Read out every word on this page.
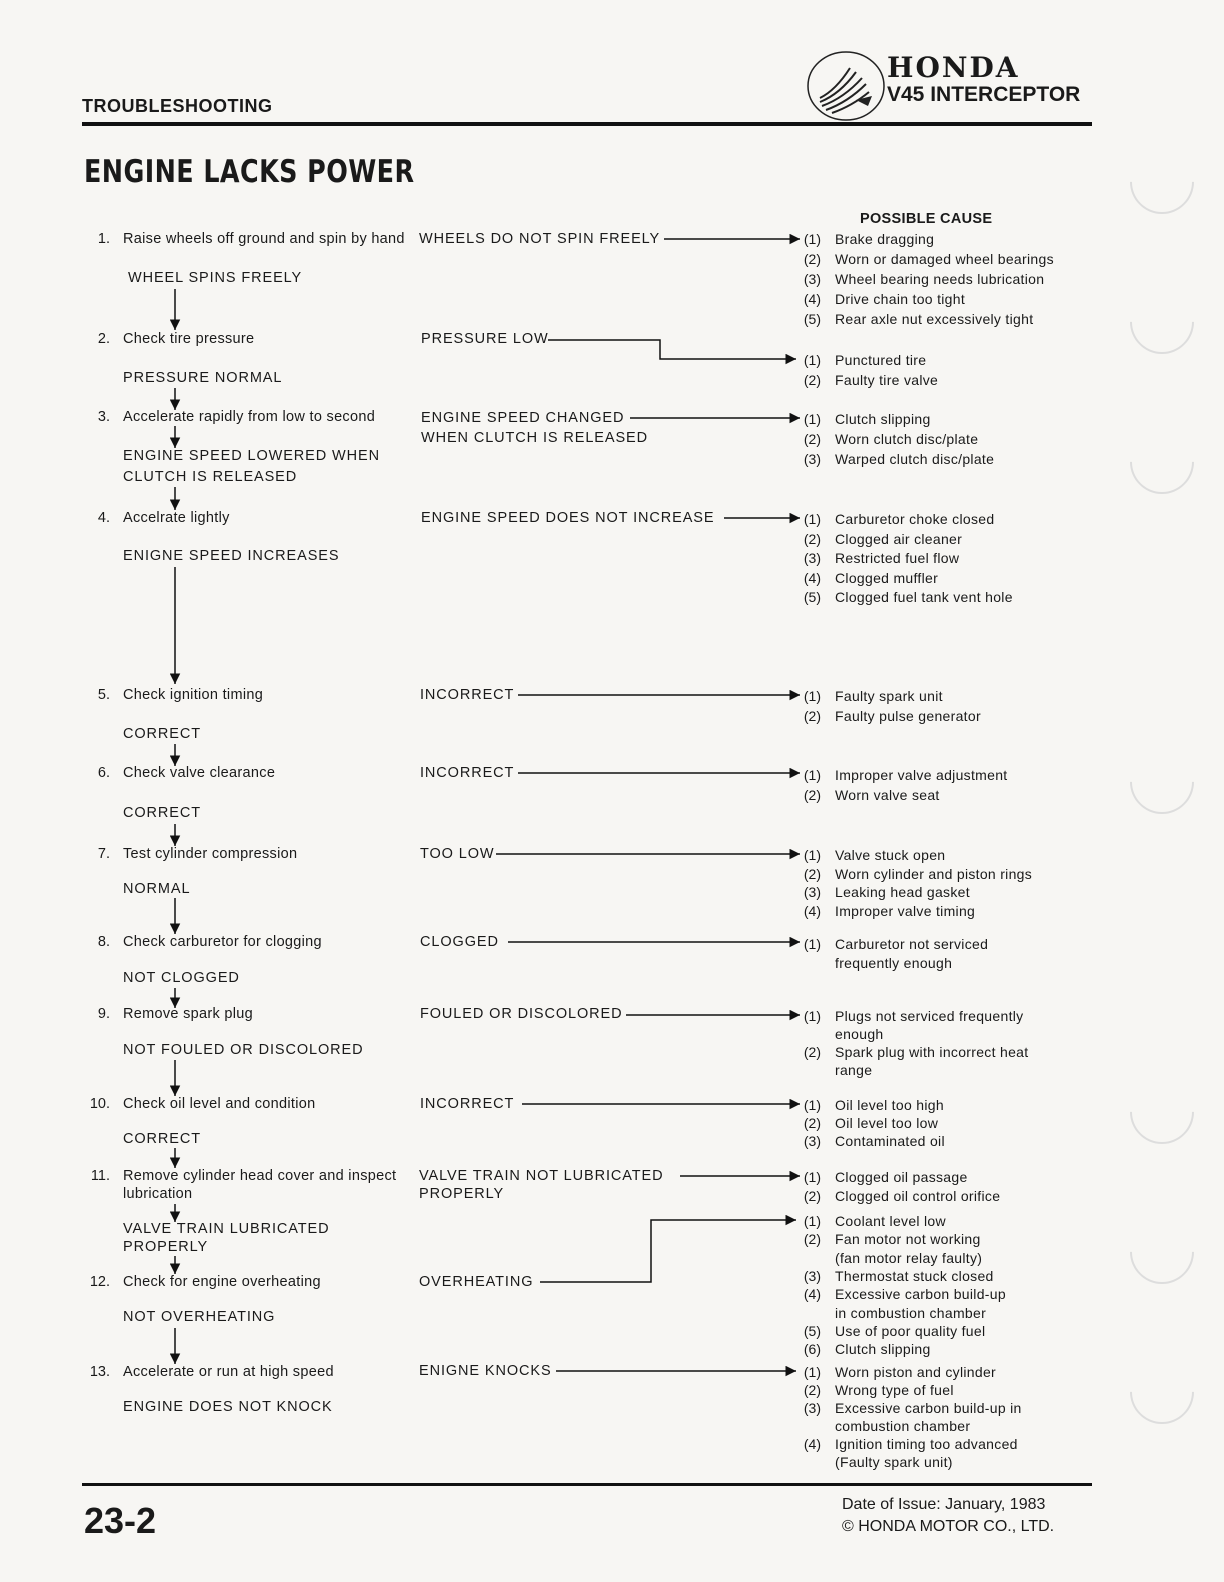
TROUBLESHOOTING
HONDA
V45 INTERCEPTOR
ENGINE LACKS POWER
POSSIBLE CAUSE
1. Raise wheels off ground and spin by hand
WHEEL SPINS FREELY
2. Check tire pressure
PRESSURE NORMAL
3. Accelerate rapidly from low to second
ENGINE SPEED LOWERED WHEN
CLUTCH IS RELEASED
4. Accelrate lightly
ENIGNE SPEED INCREASES
5. Check ignition timing
CORRECT
6. Check valve clearance
CORRECT
7. Test cylinder compression
NORMAL
8. Check carburetor for clogging
NOT CLOGGED
9. Remove spark plug
NOT FOULED OR DISCOLORED
10. Check oil level and condition
CORRECT
11. Remove cylinder head cover and inspect
lubrication
VALVE TRAIN LUBRICATED
PROPERLY
12. Check for engine overheating
NOT OVERHEATING
13. Accelerate or run at high speed
ENGINE DOES NOT KNOCK
WHEELS DO NOT SPIN FREELY
PRESSURE LOW
ENGINE SPEED CHANGED
WHEN CLUTCH IS RELEASED
ENGINE SPEED DOES NOT INCREASE
INCORRECT
INCORRECT
TOO LOW
CLOGGED
FOULED OR DISCOLORED
INCORRECT
VALVE TRAIN NOT LUBRICATED
PROPERLY
OVERHEATING
ENIGNE KNOCKS
23-2	Date of Issue: January, 1983
© HONDA MOTOR CO., LTD.
(1) Brake dragging
(2) Worn or damaged wheel bearings
(3) Wheel bearing needs lubrication
(4) Drive chain too tight
(5) Rear axle nut excessively tight
(1) Punctured tire
(2) Faulty tire valve
(1) Clutch slipping
(2) Worn clutch disc/plate
(3) Warped clutch disc/plate
(1) Carburetor choke closed
(2) Clogged air cleaner
(3) Restricted fuel flow
(4) Clogged muffler
(5) Clogged fuel tank vent hole
(1) Faulty spark unit
(2) Faulty pulse generator
(1) Improper valve adjustment
(2) Worn valve seat
(1) Valve stuck open
(2) Worn cylinder and piston rings
(3) Leaking head gasket
(4) Improper valve timing
(1) Carburetor not serviced
frequently enough
(1) Plugs not serviced frequently
enough
(2) Spark plug with incorrect heat
range
(1) Oil level too high
(2) Oil level too low
(3) Contaminated oil
(1) Clogged oil passage
(2) Clogged oil control orifice
(1) Coolant level low
(2) Fan motor not working
(fan motor relay faulty)
(3) Thermostat stuck closed
(4) Excessive carbon build-up
in combustion chamber
(5) Use of poor quality fuel
(6) Clutch slipping
(1) Worn piston and cylinder
(2) Wrong type of fuel
(3) Excessive carbon build-up in
combustion chamber
(4) Ignition timing too advanced
(Faulty spark unit)
